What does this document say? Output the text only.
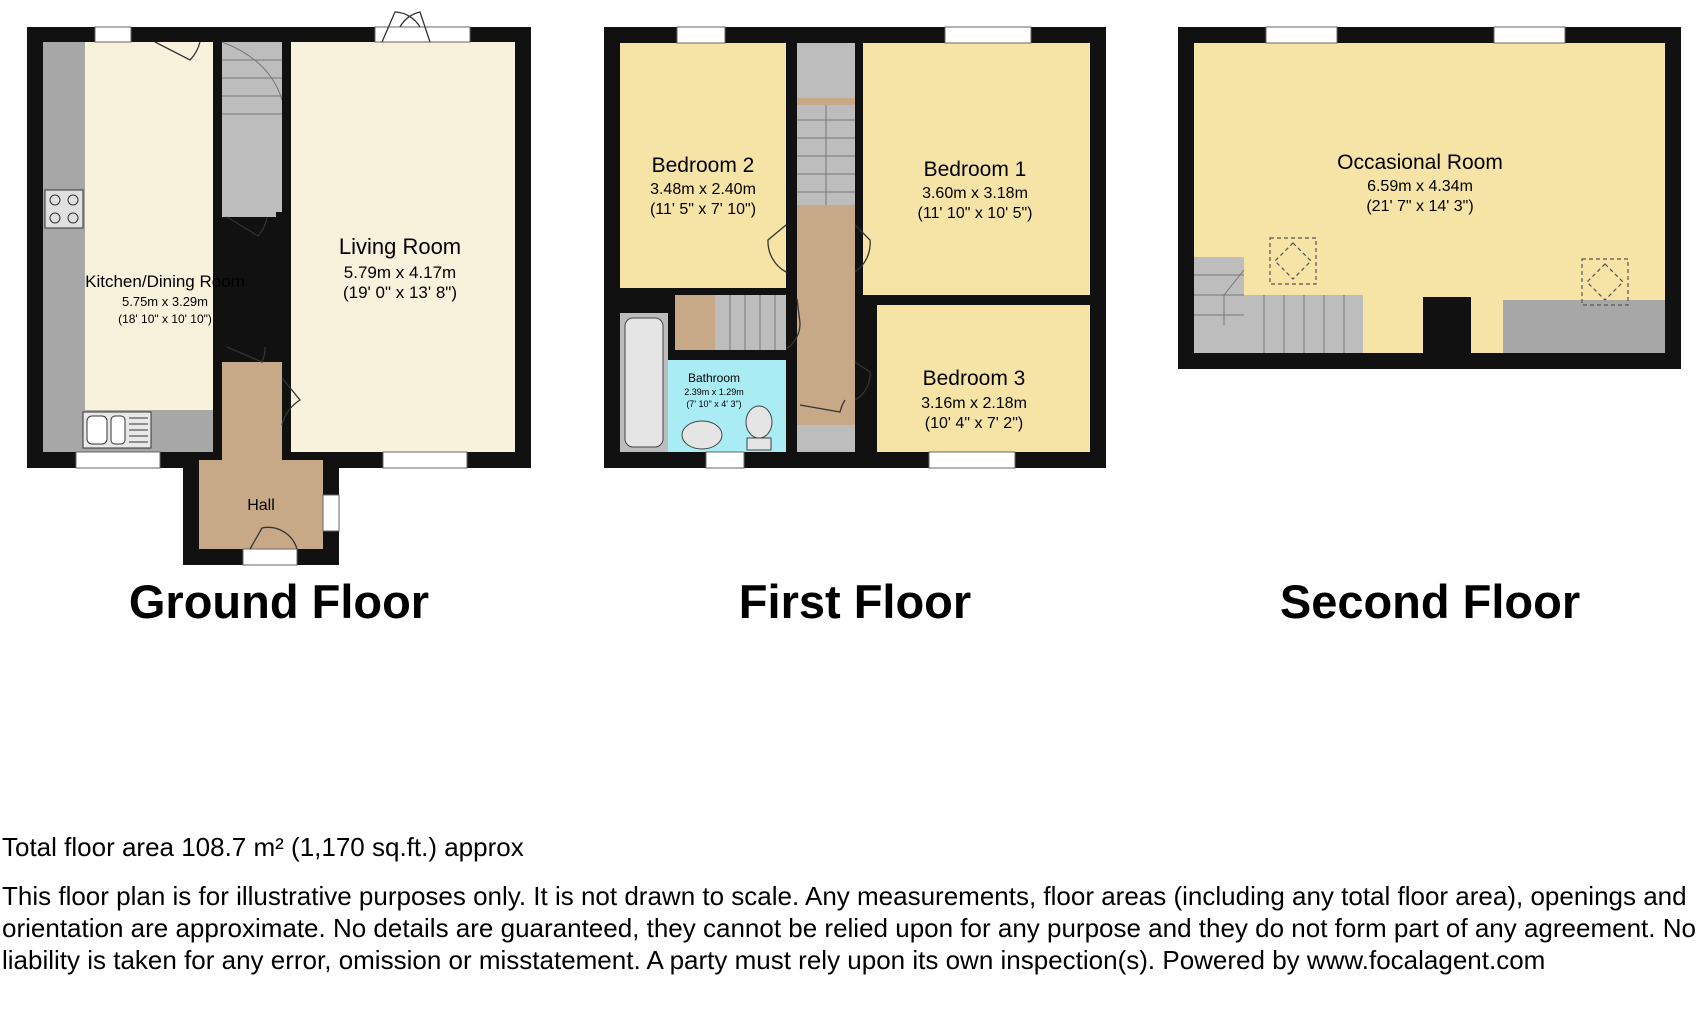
Kitchen/Dining Room
5.75m x 3.29m
(18' 10" x 10' 10")
Living Room
5.79m x 4.17m
(19' 0" x 13' 8")
Hall
Bedroom 2
3.48m x 2.40m
(11' 5" x 7' 10")
Bedroom 1
3.60m x 3.18m
(11' 10" x 10' 5")
Bathroom
2.39m x 1.29m
(7' 10" x 4' 3")
Bedroom 3
3.16m x 2.18m
(10' 4" x 7' 2")
Occasional Room
6.59m x 4.34m
(21' 7" x 14' 3")
Ground Floor	First Floor	Second Floor
Total floor area 108.7 m² (1,170 sq.ft.) approx
This floor plan is for illustrative purposes only. It is not drawn to scale. Any measurements, floor areas (including any total floor area), openings and orientation are approximate. No details are guaranteed, they cannot be relied upon for any purpose and they do not form part of any agreement. No liability is taken for any error, omission or misstatement. A party must rely upon its own inspection(s). Powered by www.focalagent.com
